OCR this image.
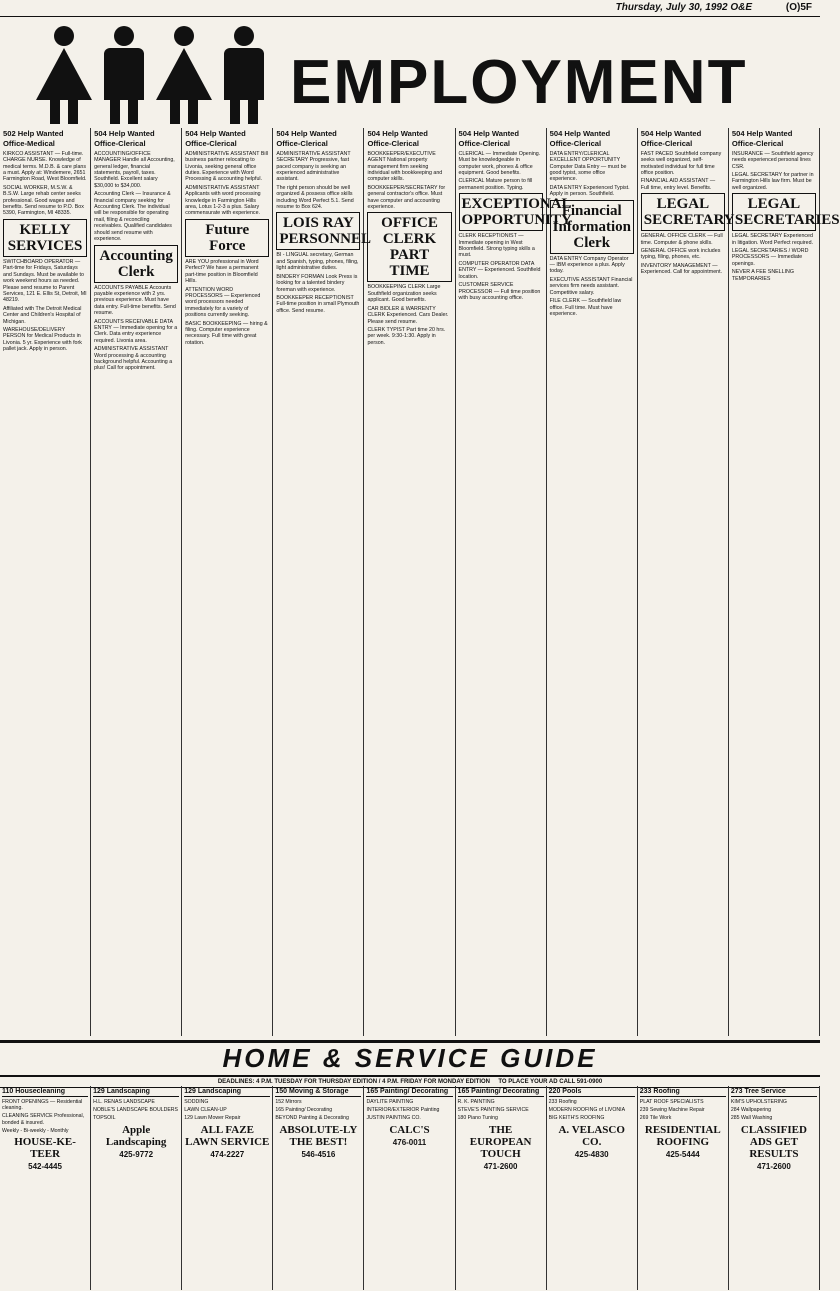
Thursday, July 30, 1992 O&E	(O)5F
EMPLOYMENT
502 Help Wanted
Office-Medical

KIRKCO ASSISTANT — Full-time. CHARGE NURSE. Knowledge of medical terms. M.D.B. & care plans a must. Apply at: Windemere, 2651 Farmington Road, West Bloomfield.

SOCIAL WORKER, M.S.W. & B.S.W. Large rehab center seeks professional. Good wages and benefits. Send resume to P.O. Box 5390, Farmington, MI 48335.

KELLY SERVICES

SWITCHBOARD OPERATOR — Part-time for Fridays, Saturdays and Sundays. Must be available to work weekend hours as needed. Please send resume to Parent Services, 121 E. Ellis St, Detroit, MI 48219.

Affiliated with The Detroit Medical Center and Children's Hospital of Michigan.

WAREHOUSE/DELIVERY PERSON for Medical Products in Livonia. 5 yr. Experience with fork pallet jack. Apply in person.

504 Help Wanted
Office-Clerical

ACCOUNTING/OFFICE MANAGER Handle all Accounting, general ledger, financial statements, payroll, taxes. Southfield. Excellent salary $30,000 to $34,000.

Accounting Clerk — Insurance & financial company seeking for Accounting Clerk. The individual will be responsible for operating mail, filing & reconciling receivables. Qualified candidates should send resume with experience.

Accounting Clerk

ACCOUNTS PAYABLE Accounts payable experience with 2 yrs. previous experience. Must have data entry. Full-time benefits. Send resume.

ACCOUNTS RECEIVABLE DATA ENTRY — Immediate opening for a Clerk. Data entry experience required. Livonia area.

ADMINISTRATIVE ASSISTANT Word processing & accounting background helpful. Accounting a plus! Call for appointment.

504 Help Wanted
Office-Clerical

ADMINISTRATIVE ASSISTANT Bill business partner relocating to Livonia, seeking general office duties. Experience with Word Processing & accounting helpful.

ADMINISTRATIVE ASSISTANT Applicants with word processing knowledge in Farmington Hills area, Lotus 1-2-3 a plus. Salary commensurate with experience.

Future Force

ARE YOU professional in Word Perfect? We have a permanent part-time position in Bloomfield Hills.

ATTENTION WORD PROCESSORS — Experienced word processors needed immediately for a variety of positions currently seeking.

BASIC BOOKKEEPING — hiring & filing. Computer experience necessary. Full time with great rotation.

504 Help Wanted
Office-Clerical

ADMINISTRATIVE ASSISTANT SECRETARY Progressive, fast paced company is seeking an experienced administrative assistant.

The right person should be well organized & possess office skills including Word Perfect 5.1. Send resume to Box 624.

LOIS RAY PERSONNEL

BI - LINGUAL secretary, German and Spanish, typing, phones, filing, light administrative duties.

BINDERY FORMAN Look Press is looking for a talented bindery foreman with experience.

BOOKKEEPER RECEPTIONIST Full-time position in small Plymouth office. Send resume.

504 Help Wanted
Office-Clerical

BOOKKEEPER/EXECUTIVE AGENT National property management firm seeking individual with bookkeeping and computer skills.

BOOKKEEPER/SECRETARY for general contractor's office. Must have computer and accounting experience.

OFFICE CLERK PART TIME

BOOKKEEPING CLERK Large Southfield organization seeks applicant. Good benefits.

CAR BIDLER & WARRENTY CLERK Experienced. Cars Dealer. Please send resume.

CLERK TYPIST Part time 20 hrs. per week. 9:30-1:30. Apply in person.

504 Help Wanted
Office-Clerical

CLERICAL — Immediate Opening. Must be knowledgeable in computer work, phones & office equipment. Good benefits.

CLERICAL Mature person to fill permanent position. Typing.

EXCEPTIONAL OPPORTUNITY

CLERK RECEPTIONIST — Immediate opening in West Bloomfield. Strong typing skills a must.

COMPUTER OPERATOR DATA ENTRY — Experienced. Southfield location.

CUSTOMER SERVICE PROCESSOR — Full time position with busy accounting office.

504 Help Wanted
Office-Clerical

DATA ENTRY/CLERICAL EXCELLENT OPPORTUNITY Computer Data Entry — must be good typist, some office experience.

DATA ENTRY Experienced Typist. Apply in person. Southfield.

Financial Information Clerk

DATA ENTRY Company Operator — IBM experience a plus. Apply today.

EXECUTIVE ASSISTANT Financial services firm needs assistant. Competitive salary.

FILE CLERK — Southfield law office. Full time. Must have experience.

504 Help Wanted
Office-Clerical

FAST PACED Southfield company seeks well organized, self-motivated individual for full time office position.

FINANCIAL AID ASSISTANT — Full time, entry level. Benefits.

LEGAL SECRETARY

GENERAL OFFICE CLERK — Full time. Computer & phone skills.

GENERAL OFFICE work includes typing, filing, phones, etc.

INVENTORY MANAGEMENT — Experienced. Call for appointment.

504 Help Wanted
Office-Clerical

INSURANCE — Southfield agency needs experienced personal lines CSR.

LEGAL SECRETARY for partner in Farmington Hills law firm. Must be well organized.

LEGAL SECRETARIES

LEGAL SECRETARY Experienced in litigation. Word Perfect required.

LEGAL SECRETARIES / WORD PROCESSORS — Immediate openings.

NEVER A FEE SNELLING TEMPORARIES

HOME & SERVICE GUIDE
DEADLINES: 4 P.M. TUESDAY FOR THURSDAY EDITION / 4 P.M. FRIDAY FOR MONDAY EDITION TO PLACE YOUR AD CALL 591-0900
110 Housecleaning
FRONT OPENINGS — Residential cleaning.
CLEANING SERVICE Professional, bonded & insured.
Weekly - Bi-weekly - Monthly
HOUSE-KE-TEER
542-4445
129 Landscaping
H.L. RENAS LANDSCAPE
NOBLE'S LANDSCAPE BOULDERS
TOPSOIL
Apple Landscaping
425-9772
129 Landscaping
SODDING
LAWN CLEAN-UP
129 Lawn Mower Repair
ALL FAZE LAWN SERVICE
474-2227
150 Moving & Storage
152 Mirrors
165 Painting/ Decorating
BEYOND Painting & Decorating
ABSOLUTE-LY THE BEST!
546-4516
165 Painting/ Decorating
DAYLITE PAINTING
INTERIOR/EXTERIOR Painting
JUSTIN PAINTING CO.
CALC'S
476-0011
165 Painting/ Decorating
R. K. PAINTING
STEVE'S PAINTING SERVICE
180 Piano Tuning
THE EUROPEAN TOUCH
471-2600
220 Pools
233 Roofing
MODERN ROOFING of LIVONIA
BIG KEITH'S ROOFING
A. VELASCO CO.
425-4830
233 Roofing
PLAT ROOF SPECIALISTS
239 Sewing Machine Repair
269 Tile Work
RESIDENTIAL ROOFING
425-5444
273 Tree Service
KIM'S UPHOLSTERING
284 Wallpapering
285 Wall Washing
CLASSIFIED ADS GET RESULTS
471-2600
